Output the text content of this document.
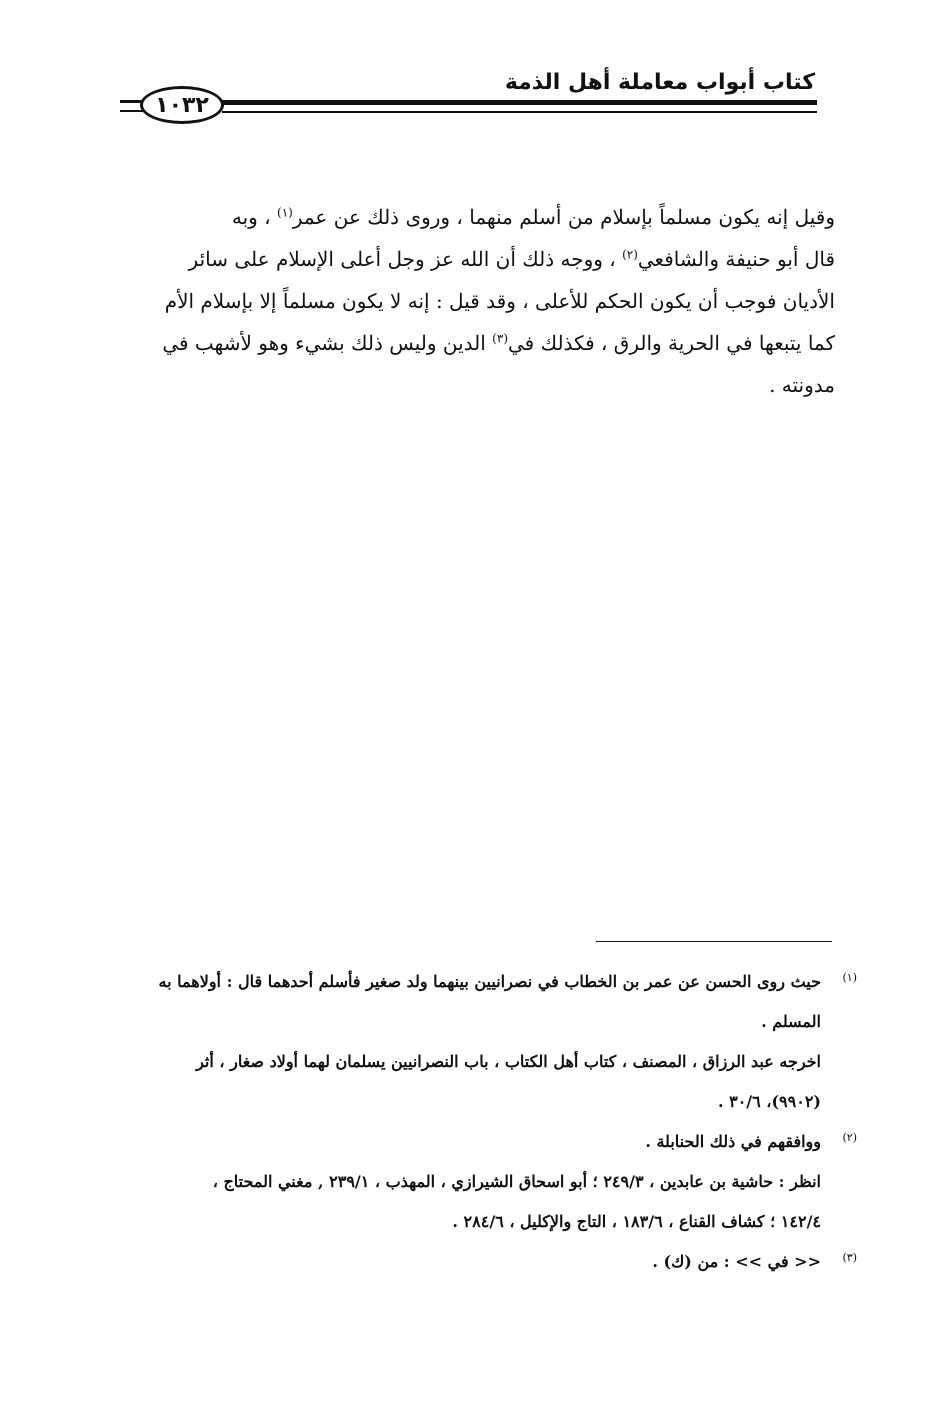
كتاب أبواب معاملة أهل الذمة
١٠٣٢
وقيل إنه يكون مسلماً بإسلام من أسلم منهما ، وروى ذلك عن عمر$^{(١)}$ ، وبه
قال أبو حنيفة والشافعي$^{(٢)}$ ، ووجه ذلك أن الله عز وجل أعلى الإسلام على سائر
الأديان فوجب أن يكون الحكم للأعلى ، وقد قيل : إنه لا يكون مسلماً إلا بإسلام الأم
كما يتبعها في الحرية والرق ، فكذلك في$^{(٣)}$ الدين وليس ذلك بشيء وهو لأشهب في
مدونته .
(١)
حيث روى الحسن عن عمر بن الخطاب في نصرانيين بينهما ولد صغير فأسلم أحدهما قال : أولاهما به
المسلم .
اخرجه عبد الرزاق ، المصنف ، كتاب أهل الكتاب ، باب النصرانيين يسلمان لهما أولاد صغار ، أثر
(٩٩٠٢)، ٣٠/٦ .
(٢)
ووافقهم في ذلك الحنابلة .
انظر : حاشية بن عابدين ، ٢٤٩/٣ ؛ أبو اسحاق الشيرازي ، المهذب ، ٢٣٩/١ , مغني المحتاج ،
١٤٢/٤ ؛ كشاف القناع ، ١٨٣/٦ ، التاج والإكليل ، ٢٨٤/٦ .
(٣)
<< في >> : من (ك) .
